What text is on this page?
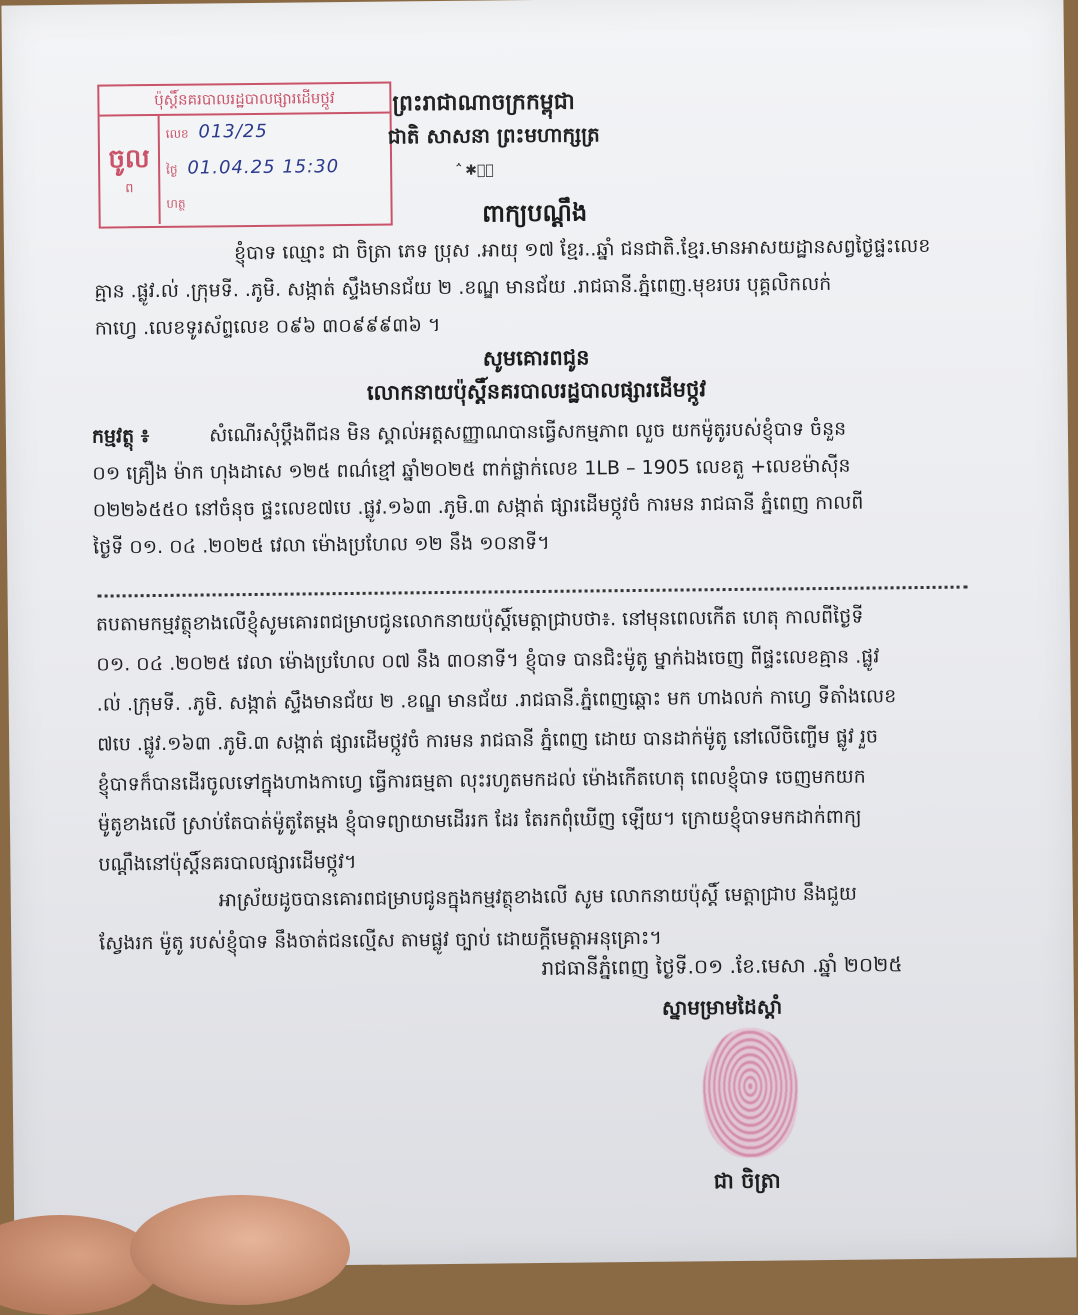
ប៉ុស្តិ៍នគរបាលរដ្ឋបាលផ្សារដើមថ្កូវ
ចូល
ព
លេខ 013/25
ថ្ងៃ 01.04.25 15:30
ហត្ថ
ព្រះរាជាណាចក្រកម្ពុជា
ជាតិ សាសនា ព្រះមហាក្សត្រ
ᩳᩳ✱ᩳᩳ
ពាក្យបណ្តឹង
ខ្ញុំបាទ ឈ្មោះ ជា ចិត្រា ភេទ ប្រុស .អាយុ ១៧ ខ្មែរ..ឆ្នាំ ជនជាតិ.ខ្មែរ.មានអាសយដ្ឋានសព្វថ្ងៃផ្ទះលេខ
គ្មាន .ផ្លូវ.ល់ .ក្រុមទី. .ភូមិ. សង្កាត់ ស្ទឹងមានជ័យ ២ .ខណ្ឌ មានជ័យ .រាជធានី.ភ្នំពេញ.មុខរបរ បុគ្គលិកលក់
កាហ្វេ .លេខទូរស័ព្ទលេខ ០៩៦ ៣០៩៩៩៣៦ ។
សូមគោរពជូន
លោកនាយប៉ុស្តិ៍នគរបាលរដ្ឋបាលផ្សារដើមថ្កូវ
កម្មវត្ថុ ៖	សំណើរសុំប្តឹងពីជន មិន ស្គាល់អត្តសញ្ញាណបានធ្វើសកម្មភាព លួច យកម៉ូតូរបស់ខ្ញុំបាទ ចំនួន
០១ គ្រឿង ម៉ាក ហុងដាសេ ១២៥ ពណ៌ខ្មៅ ឆ្នាំ២០២៥ ពាក់ផ្លាក់លេខ 1LB – 1905 លេខតួ +លេខម៉ាស៊ីន
០២២៦៥៥០ នៅចំនុច ផ្ទះលេខ៧បេ .ផ្លូវ.១៦៣ .ភូមិ.៣ សង្កាត់ ផ្សារដើមថ្កូវចំ ការមន រាជធានី ភ្នំពេញ កាលពី
ថ្ងៃទី ០១. ០៤ .២០២៥ វេលា ម៉ោងប្រហែល ១២ នឹង ១០នាទី។
តបតាមកម្មវត្ថុខាងលើខ្ញុំសូមគោរពជម្រាបជូនលោកនាយប៉ុស្តិ៍មេត្តាជ្រាបថា៖. នៅមុនពេលកើត ហេតុ កាលពីថ្ងៃទី
០១. ០៤ .២០២៥ វេលា ម៉ោងប្រហែល ០៧ នឹង ៣០នាទី។ ខ្ញុំបាទ បានជិះម៉ូតូ ម្នាក់ឯងចេញ ពីផ្ទះលេខគ្មាន .ផ្លូវ
.ល់ .ក្រុមទី. .ភូមិ. សង្កាត់ ស្ទឹងមានជ័យ ២ .ខណ្ឌ មានជ័យ .រាជធានី.ភ្នំពេញឆ្ពោះ មក ហាងលក់ កាហ្វេ ទីតាំងលេខ
៧បេ .ផ្លូវ.១៦៣ .ភូមិ.៣ សង្កាត់ ផ្សារដើមថ្កូវចំ ការមន រាជធានី ភ្នំពេញ ដោយ បានដាក់ម៉ូតូ នៅលើចិញ្ចើម ផ្លូវ រួច
ខ្ញុំបាទក៏បានដើរចូលទៅក្នុងហាងកាហ្វេ ធ្វើការធម្មតា លុះរហូតមកដល់ ម៉ោងកើតហេតុ ពេលខ្ញុំបាទ ចេញមកយក
ម៉ូតូខាងលើ ស្រាប់តែបាត់ម៉ូតូតែម្តង ខ្ញុំបាទព្យាយាមដើររក ដែរ តែរកពុំឃើញ ឡើយ។ ក្រោយខ្ញុំបាទមកដាក់ពាក្យ
បណ្តឹងនៅប៉ុស្តិ៍នគរបាលផ្សារដើមថ្កូវ។
អាស្រ័យដូចបានគោរពជម្រាបជូនក្នុងកម្មវត្ថុខាងលើ សូម លោកនាយប៉ុស្តិ៍ មេត្តាជ្រាប នឹងជួយ
ស្វែងរក ម៉ូតូ របស់ខ្ញុំបាទ នឹងចាត់ជនល្មើស តាមផ្លូវ ច្បាប់ ដោយក្តីមេត្តាអនុគ្រោះ។
រាជធានីភ្នំពេញ ថ្ងៃទី.០១ .ខែ.មេសា .ឆ្នាំ ២០២៥
ស្នាមម្រាមដៃស្តាំ
ជា ចិត្រា
